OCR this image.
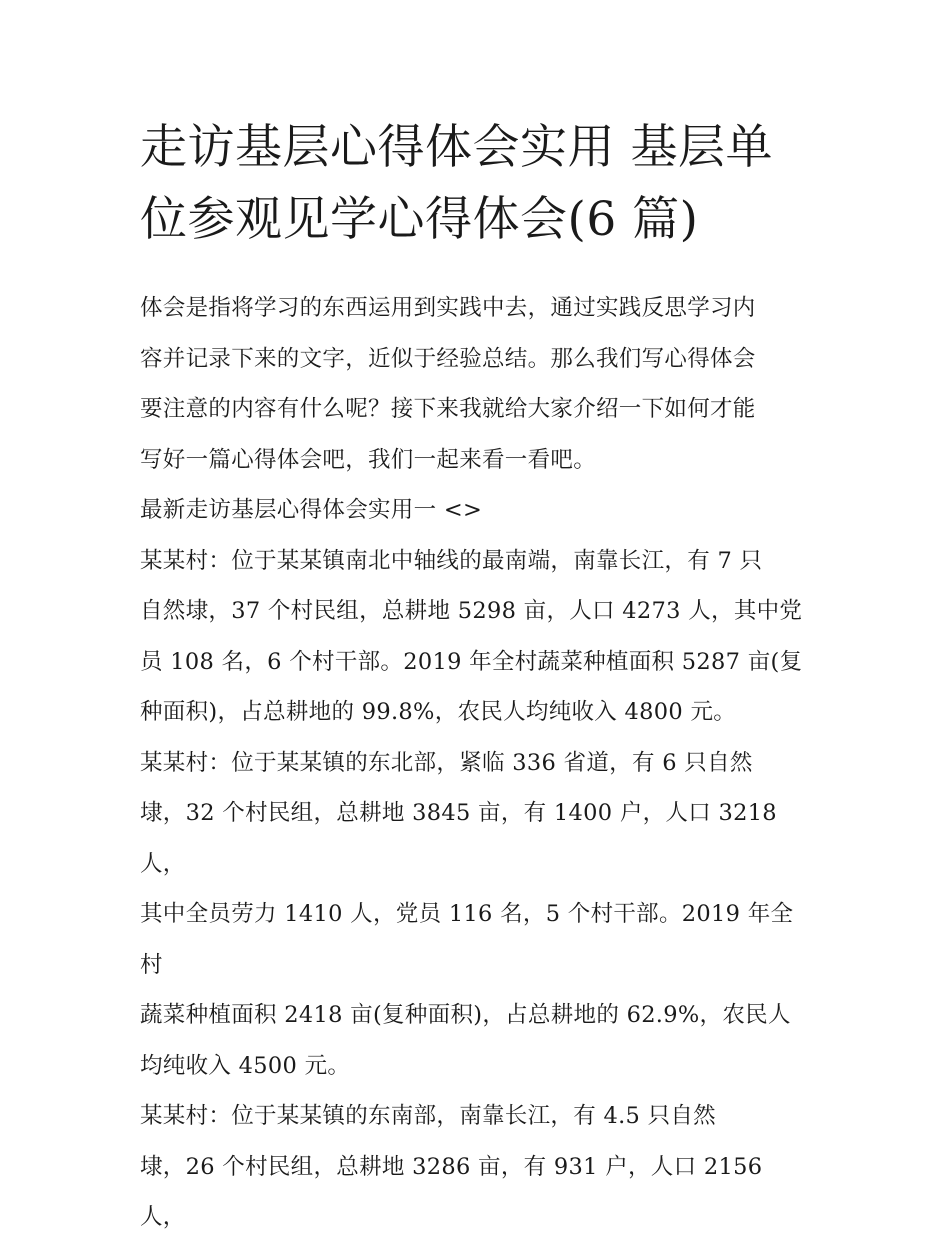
走访基层心得体会实用 基层单
位参观见学心得体会(6 篇)

体会是指将学习的东西运用到实践中去，通过实践反思学习内
容并记录下来的文字，近似于经验总结。那么我们写心得体会
要注意的内容有什么呢？接下来我就给大家介绍一下如何才能
写好一篇心得体会吧，我们一起来看一看吧。

最新走访基层心得体会实用一 <>

某某村：位于某某镇南北中轴线的最南端，南靠长江，有 7 只
自然埭，37 个村民组，总耕地 5298 亩，人口 4273 人，其中党
员 108 名，6 个村干部。2019 年全村蔬菜种植面积 5287 亩(复
种面积)，占总耕地的 99.8%，农民人均纯收入 4800 元。

某某村：位于某某镇的东北部，紧临 336 省道，有 6 只自然
埭，32 个村民组，总耕地 3845 亩，有 1400 户，人口 3218 人，
其中全员劳力 1410 人，党员 116 名，5 个村干部。2019 年全村
蔬菜种植面积 2418 亩(复种面积)，占总耕地的 62.9%，农民人
均纯收入 4500 元。

某某村：位于某某镇的东南部，南靠长江，有 4.5 只自然
埭，26 个村民组，总耕地 3286 亩，有 931 户，人口 2156 人，
